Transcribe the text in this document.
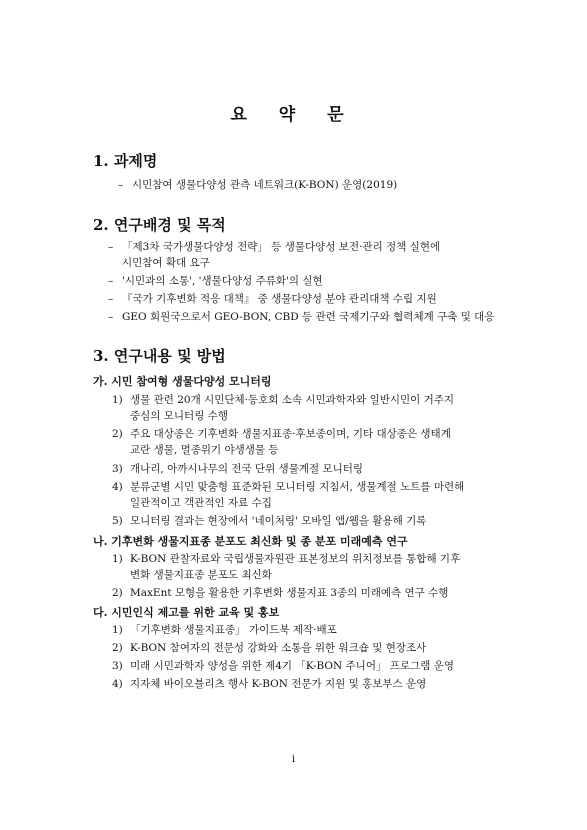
요 약 문
1. 과제명
– 시민참여 생물다양성 관측 네트워크(K-BON) 운영(2019)
2. 연구배경 및 목적
– 「제3차 국가생물다양성 전략」 등 생물다양성 보전·관리 정책 실현에
시민참여 확대 요구
– '시민과의 소통', '생물다양성 주류화'의 실현
– 『국가 기후변화 적응 대책』 중 생물다양성 분야 관리대책 수립 지원
– GEO 회원국으로서 GEO-BON, CBD 등 관련 국제기구와 협력체계 구축 및 대응
3. 연구내용 및 방법
가. 시민 참여형 생물다양성 모니터링
1) 생물 관련 20개 시민단체·동호회 소속 시민과학자와 일반시민이 거주지
중심의 모니터링 수행
2) 주요 대상종은 기후변화 생물지표종·후보종이며, 기타 대상종은 생태계
교란 생물, 멸종위기 야생생물 등
3) 개나리, 아까시나무의 전국 단위 생물계절 모니터링
4) 분류군별 시민 맞춤형 표준화된 모니터링 지침서, 생물계절 노트를 마련해
일관적이고 객관적인 자료 수집
5) 모니터링 결과는 현장에서 '네이처링' 모바일 앱/웹을 활용해 기록
나. 기후변화 생물지표종 분포도 최신화 및 종 분포 미래예측 연구
1) K-BON 관찰자료와 국립생물자원관 표본정보의 위치정보를 통합해 기후
변화 생물지표종 분포도 최신화
2) MaxEnt 모형을 활용한 기후변화 생물지표 3종의 미래예측 연구 수행
다. 시민인식 제고를 위한 교육 및 홍보
1) 「기후변화 생물지표종」 가이드북 제작·배포
2) K-BON 참여자의 전문성 강화와 소통을 위한 워크숍 및 현장조사
3) 미래 시민과학자 양성을 위한 제4기 「K-BON 주니어」 프로그램 운영
4) 지자체 바이오블리츠 행사 K-BON 전문가 지원 및 홍보부스 운영
i
